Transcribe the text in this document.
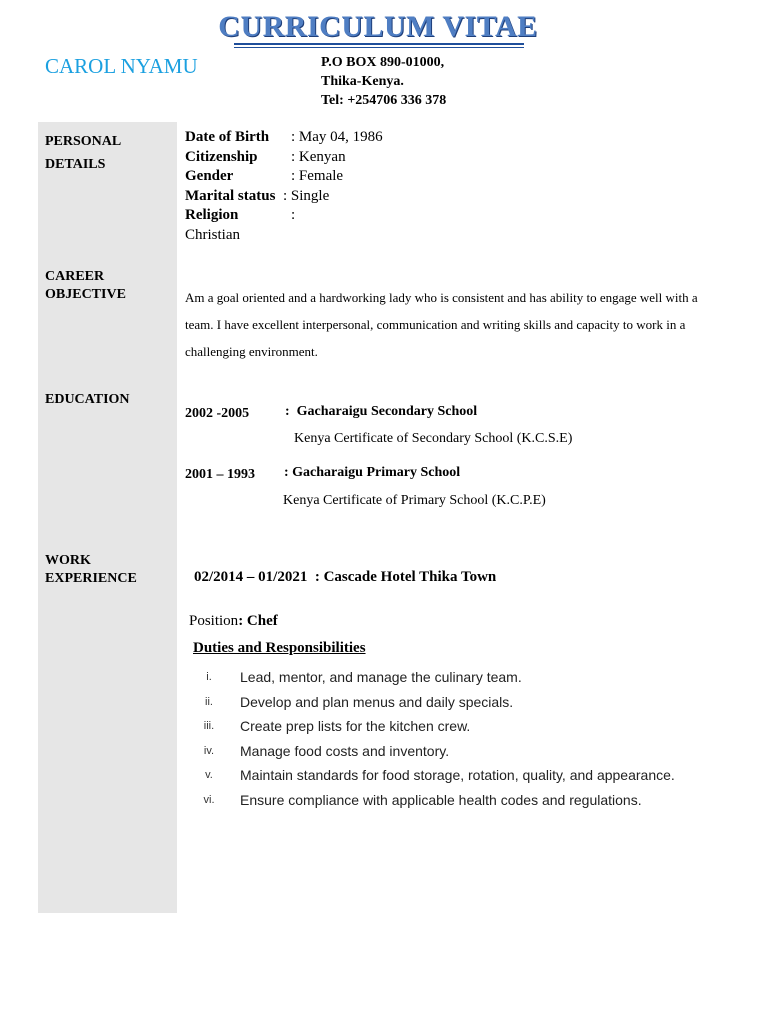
CURRICULUM VITAE
CAROL NYAMU	P.O BOX 890-01000,
Thika-Kenya.
Tel: +254706 336 378
PERSONAL
DETAILS
CAREER
OBJECTIVE
EDUCATION
WORK
EXPERIENCE
Date of Birth : May 04, 1986
Citizenship : Kenyan
Gender	: Female
Marital status : Single
Religion	:
Christian
Am a goal oriented and a hardworking lady who is consistent and has ability to engage well with a team. I have excellent interpersonal, communication and writing skills and capacity to work in a challenging environment.
2002 -2005	: Gacharaigu Secondary School
Kenya Certificate of Secondary School (K.C.S.E)
2001 – 1993 : Gacharaigu Primary School
Kenya Certificate of Primary School (K.C.P.E)
02/2014 – 01/2021 : Cascade Hotel Thika Town
Position: Chef
Duties and Responsibilities
i.	Lead, mentor, and manage the culinary team.
ii.	Develop and plan menus and daily specials.
iii.	Create prep lists for the kitchen crew.
iv.	Manage food costs and inventory.
v.	Maintain standards for food storage, rotation, quality, and appearance.
vi.	Ensure compliance with applicable health codes and regulations.
